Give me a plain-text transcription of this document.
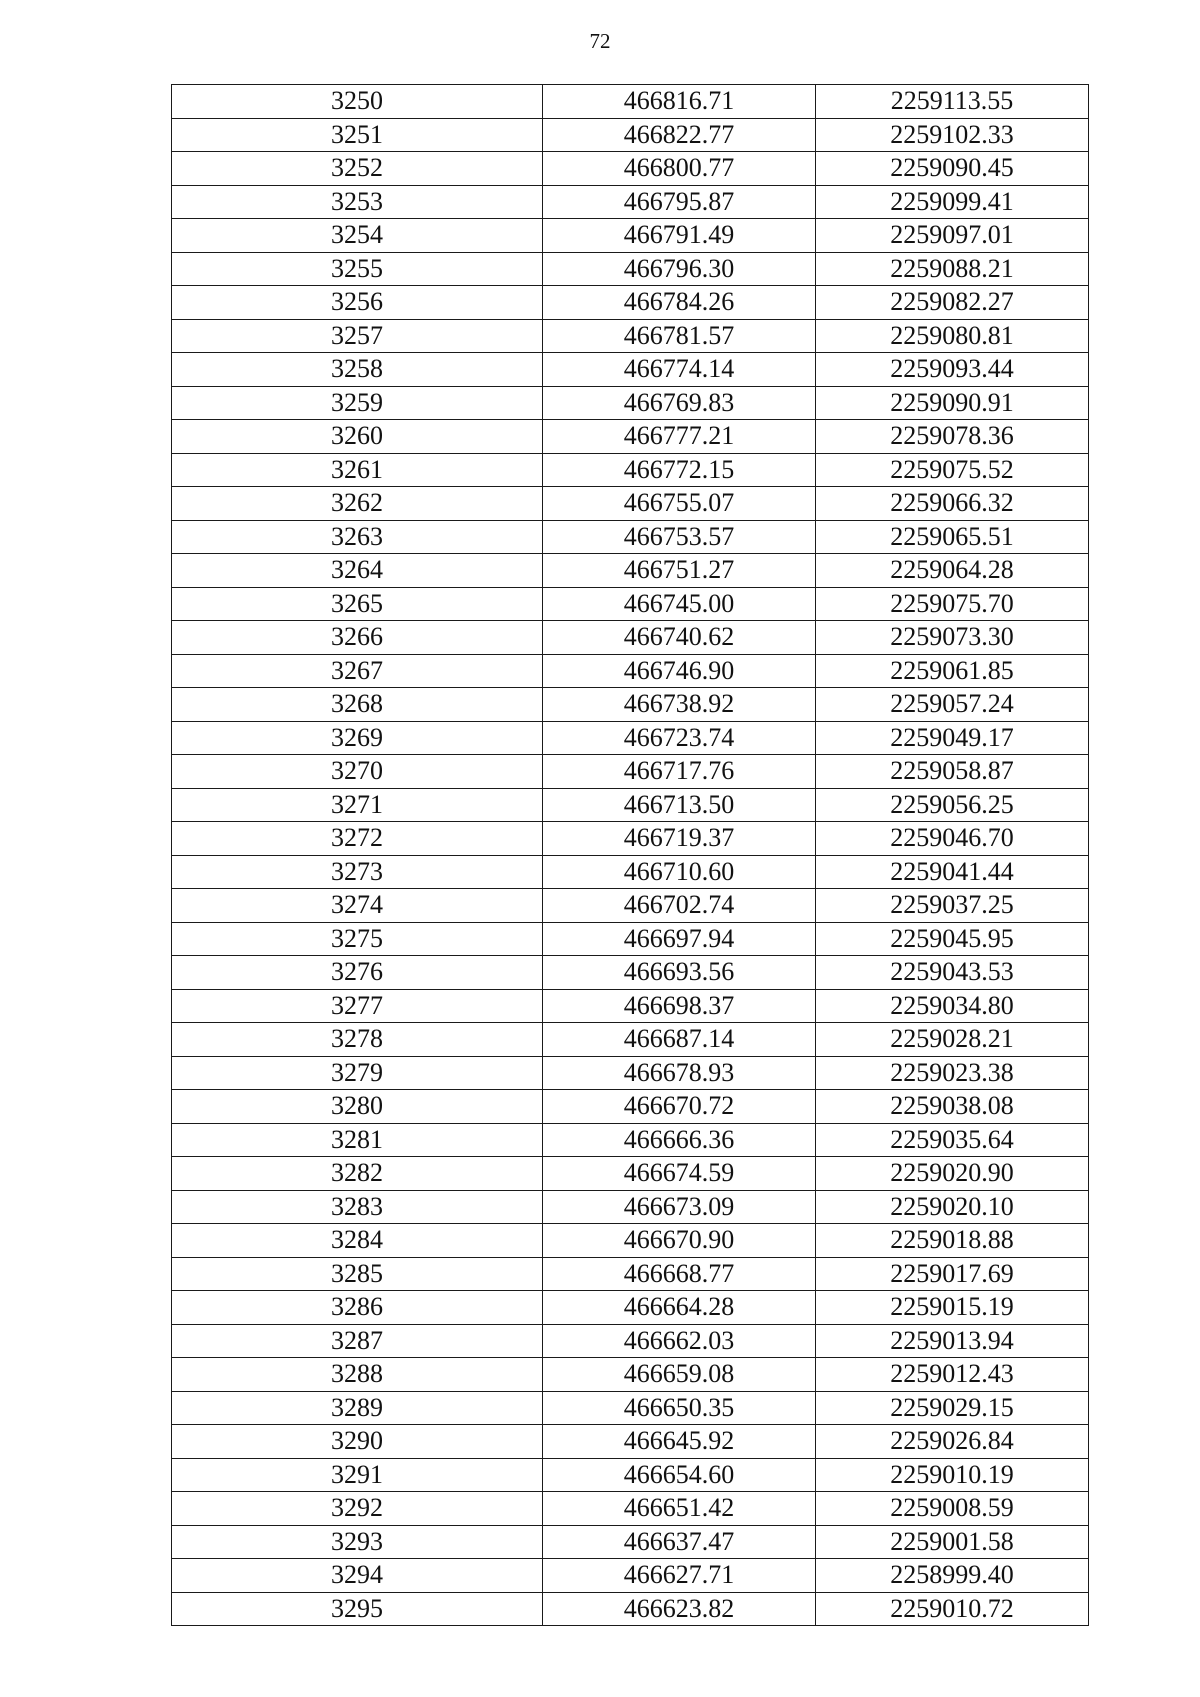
72
3250	466816.71	2259113.55
3251	466822.77	2259102.33
3252	466800.77	2259090.45
3253	466795.87	2259099.41
3254	466791.49	2259097.01
3255	466796.30	2259088.21
3256	466784.26	2259082.27
3257	466781.57	2259080.81
3258	466774.14	2259093.44
3259	466769.83	2259090.91
3260	466777.21	2259078.36
3261	466772.15	2259075.52
3262	466755.07	2259066.32
3263	466753.57	2259065.51
3264	466751.27	2259064.28
3265	466745.00	2259075.70
3266	466740.62	2259073.30
3267	466746.90	2259061.85
3268	466738.92	2259057.24
3269	466723.74	2259049.17
3270	466717.76	2259058.87
3271	466713.50	2259056.25
3272	466719.37	2259046.70
3273	466710.60	2259041.44
3274	466702.74	2259037.25
3275	466697.94	2259045.95
3276	466693.56	2259043.53
3277	466698.37	2259034.80
3278	466687.14	2259028.21
3279	466678.93	2259023.38
3280	466670.72	2259038.08
3281	466666.36	2259035.64
3282	466674.59	2259020.90
3283	466673.09	2259020.10
3284	466670.90	2259018.88
3285	466668.77	2259017.69
3286	466664.28	2259015.19
3287	466662.03	2259013.94
3288	466659.08	2259012.43
3289	466650.35	2259029.15
3290	466645.92	2259026.84
3291	466654.60	2259010.19
3292	466651.42	2259008.59
3293	466637.47	2259001.58
3294	466627.71	2258999.40
3295	466623.82	2259010.72
